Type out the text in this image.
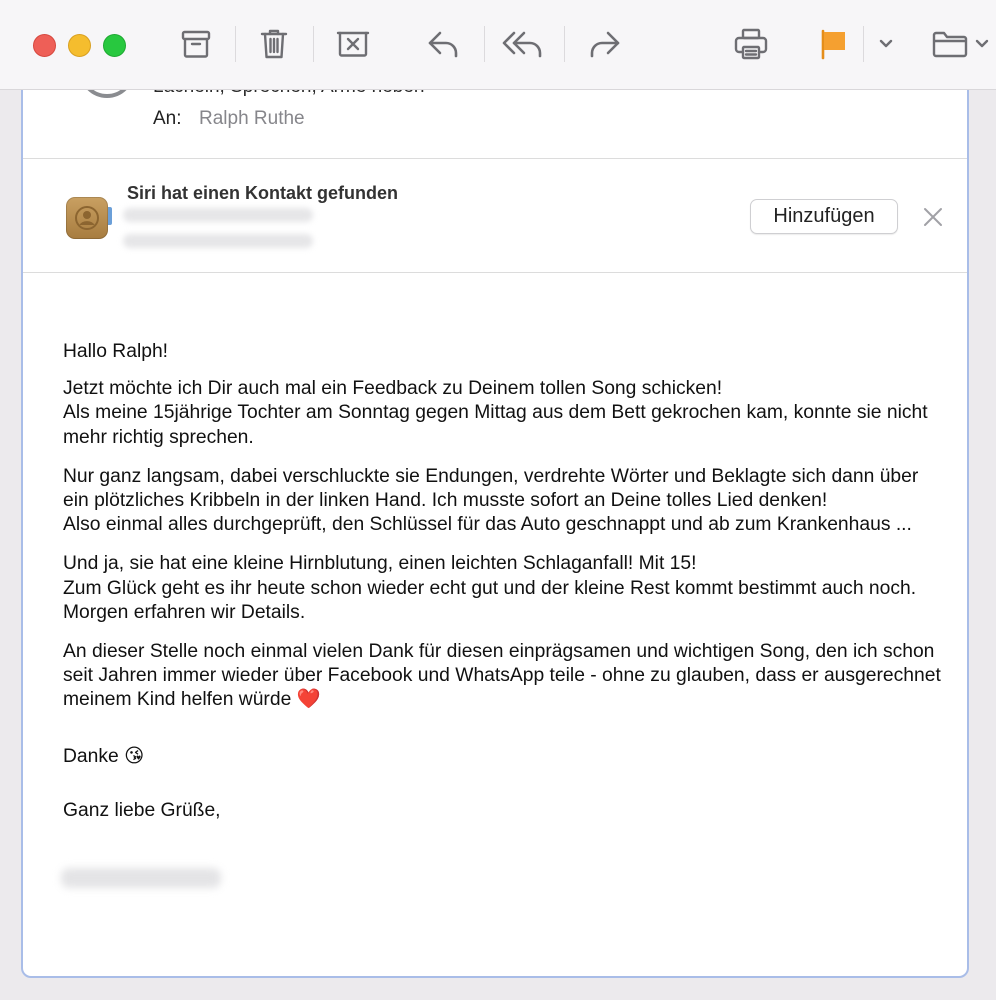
An: Ralph Ruthe
Siri hat einen Kontakt gefunden
Hinzufügen

Hallo Ralph!

Jetzt möchte ich Dir auch mal ein Feedback zu Deinem tollen Song schicken!
Als meine 15jährige Tochter am Sonntag gegen Mittag aus dem Bett gekrochen kam, konnte sie nicht mehr richtig sprechen.

Nur ganz langsam, dabei verschluckte sie Endungen, verdrehte Wörter und Beklagte sich dann über ein plötzliches Kribbeln in der linken Hand. Ich musste sofort an Deine tolles Lied denken!
Also einmal alles durchgeprüft, den Schlüssel für das Auto geschnappt und ab zum Krankenhaus ...

Und ja, sie hat eine kleine Hirnblutung, einen leichten Schlaganfall! Mit 15!
Zum Glück geht es ihr heute schon wieder echt gut und der kleine Rest kommt bestimmt auch noch. Morgen erfahren wir Details.

An dieser Stelle noch einmal vielen Dank für diesen einprägsamen und wichtigen Song, den ich schon seit Jahren immer wieder über Facebook und WhatsApp teile - ohne zu glauben, dass er ausgerechnet meinem Kind helfen würde ❤️

Danke 😘

Ganz liebe Grüße,
